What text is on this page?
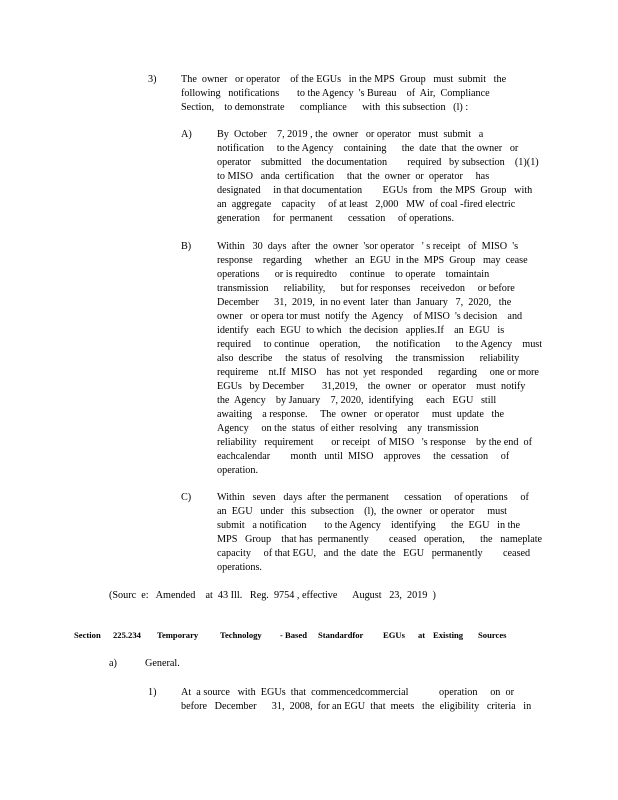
3) The  owner   or operator    of the EGUs   in the MPS  Group   must  submit   the
following   notifications       to the Agency  's Bureau    of  Air,  Compliance
Section,    to demonstrate      compliance      with  this subsection   (l) :
A) By  October    7, 2019 , the  owner   or operator   must  submit   a
notification     to the Agency    containing      the  date  that  the owner   or
operator    submitted    the documentation        required   by subsection    (1)(1)
to MISO   anda  certification     that  the  owner  or  operator     has
designated     in that documentation        EGUs  from   the MPS  Group   with
an  aggregate    capacity     of at least   2,000   MW  of coal -fired electric
generation     for  permanent      cessation     of operations.
B)	Within   30  days  after  the  owner  'sor operator   ' s receipt   of  MISO  's
response    regarding     whether   an  EGU  in the  MPS  Group   may  cease
operations      or is requiredto     continue    to operate    tomaintain
transmission      reliability,      but for responses    receivedon     or before
December      31,  2019,  in no event  later  than  January   7,  2020,   the
owner   or opera tor must  notify  the  Agency    of MISO  's decision    and
identify   each  EGU  to which   the decision   applies.If    an  EGU   is
required     to continue    operation,      the  notification      to the Agency    must
also  describe     the  status  of  resolving     the  transmission      reliability
requireme    nt.If  MISO    has  not  yet  responded      regarding     one or more
EGUs   by December       31,2019,    the  owner   or  operator    must  notify
the  Agency    by January    7, 2020,  identifying     each   EGU   still
awaiting    a response.     The  owner   or operator     must  update   the
Agency     on the  status  of either  resolving    any  transmission
reliability   requirement       or receipt   of MISO   's response    by the end  of
eachcalendar        month   until  MISO    approves     the  cessation     of
operation.
C)	Within   seven   days  after  the permanent      cessation     of operations     of
an  EGU   under   this  subsection    (l),  the owner   or operator     must
submit   a notification       to the Agency    identifying      the  EGU   in the
MPS   Group    that has  permanently        ceased   operation,      the   nameplate
capacity     of that EGU,   and  the  date  the   EGU   permanently        ceased
operations.
(Sourc  e:   Amended    at  43 Ill.   Reg.  9754 , effective      August   23,  2019  )
Section 225.234 Temporary	Technology - Based Standardfor EGUs at Existing Sources
a)	General.
1) At  a source   with  EGUs  that  commencedcommercial            operation     on  or
before   December      31,  2008,  for an EGU  that  meets   the  eligibility   criteria   in
